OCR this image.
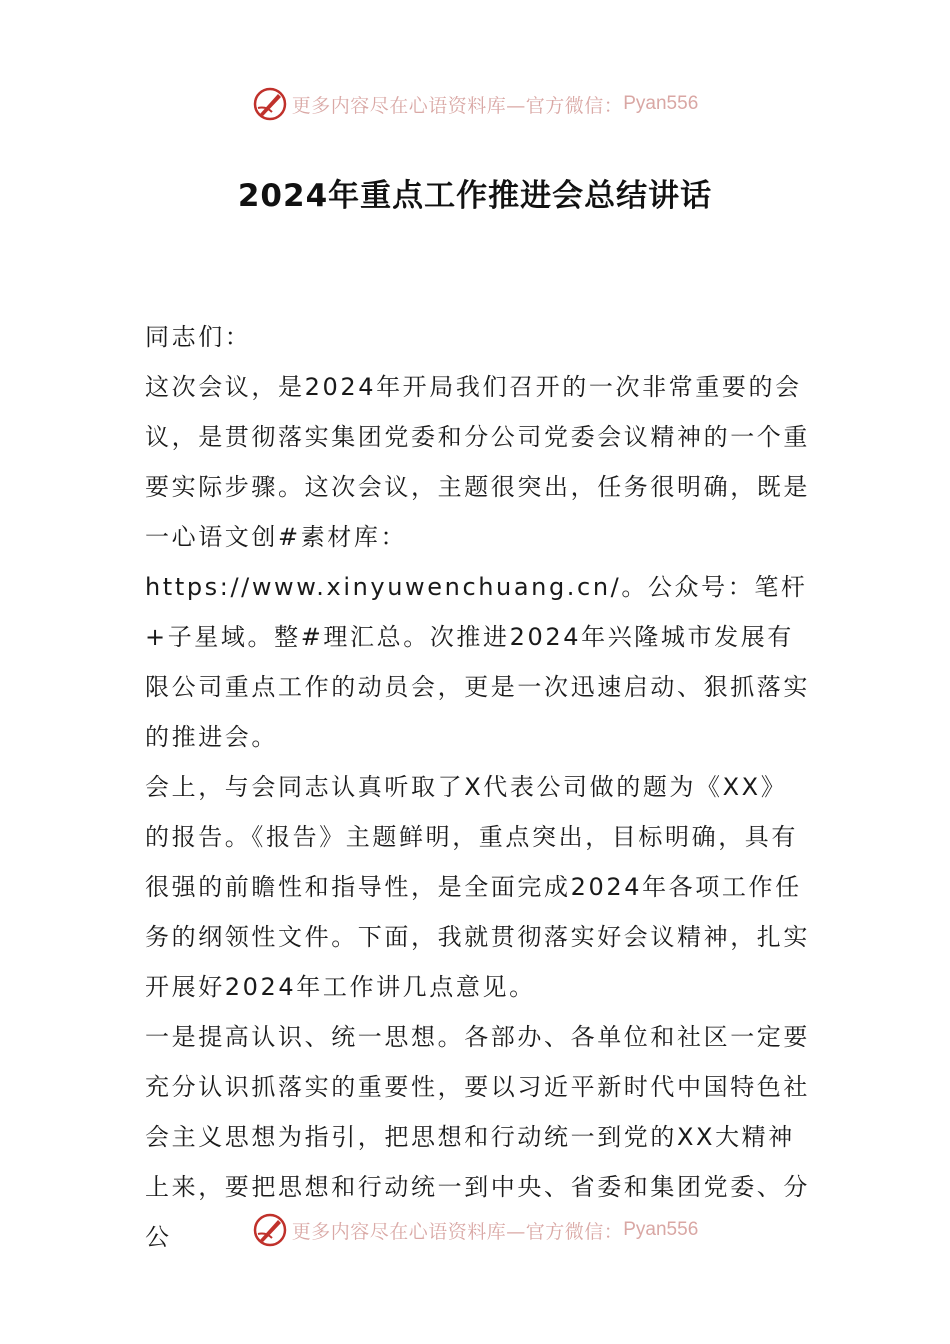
更多内容尽在心语资料库—官方微信： Pyan556
2024年重点工作推进会总结讲话

同志们：

这次会议，是2024年开局我们召开的一次非常重要的会议，是贯彻落实集团党委和分公司党委会议精神的一个重要实际步骤。这次会议，主题很突出，任务很明确，既是一心语文创#素材库：https://www.xinyuwenchuang.cn/。公众号：笔杆+子星域。整#理汇总。次推进2024年兴隆城市发展有限公司重点工作的动员会，更是一次迅速启动、狠抓落实的推进会。

会上，与会同志认真听取了X代表公司做的题为《XX》的报告。《报告》主题鲜明，重点突出，目标明确，具有很强的前瞻性和指导性，是全面完成2024年各项工作任务的纲领性文件。下面，我就贯彻落实好会议精神，扎实开展好2024年工作讲几点意见。

一是提高认识、统一思想。各部办、各单位和社区一定要充分认识抓落实的重要性，要以习近平新时代中国特色社会主义思想为指引，把思想和行动统一到党的XX大精神上来，要把思想和行动统一到中央、省委和集团党委、分公	更多内容尽在心语资料库—官方微信： Pyan556
